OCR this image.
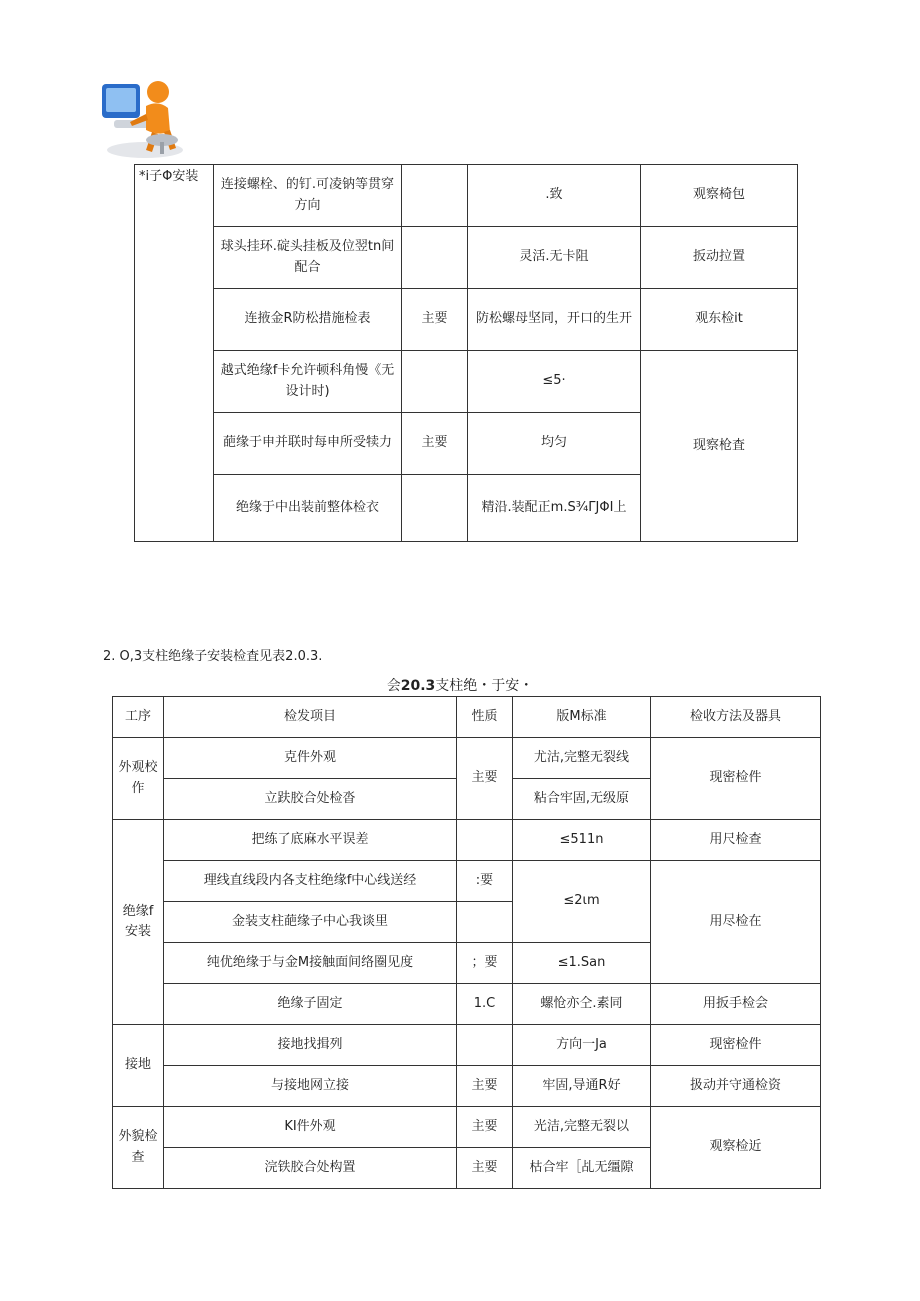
*i子Φ安装	连接螺栓、的钉.可凌钠等贯穿方向		.致	观察椅包
	球头挂环.碇头挂板及位翌tn间配合		灵活.无卡阻	扳动拉置
	连掖金R防松措施检表	主要	防松螺母坚同，开口的生开	观东检it
	越式绝缘f卡允许顿科角慢《无设计时)		≤5·	现察枪査
	葩缘于申并联时每申所受犊力	主要	均匀	
	绝缘于中出装前整体检衣		精沿.装配正m.S¾ΓJΦI上	
2. O,3支柱绝缘子安装检査见表2.0.3.
会20.3支柱绝・于安・
工序	检发项目	性质	版M标准	检收方法及器具
外观校作	克件外观	主要	尤沽,完整无裂线	现密检件
	立趺胶合处检沓		粘合牢固,无级原	
绝缘f安装	把练了底麻水平误差		≤511n	用尺检查
	理线直线段内各支柱绝缘f中心线送经	:要	≤2ιm	用尽检在
	金装支柱葩缘子中心我谈里			
	纯优绝缘于与金M接触面间络圈见度	；要	≤1.San	
	绝缘子固定	1.C	螺怆亦仝.素同	用扳手检会
接地	接地找揖列		方向一Ja	现密检件
	与接地网立接	主要	牢固,导通R好	扱动并守通检资
外貌检查	KI件外观	主要	光洁,完整无裂以	观察检近
	浣铁胶合处构置	主要	枯合牢［乩无缰隙	
